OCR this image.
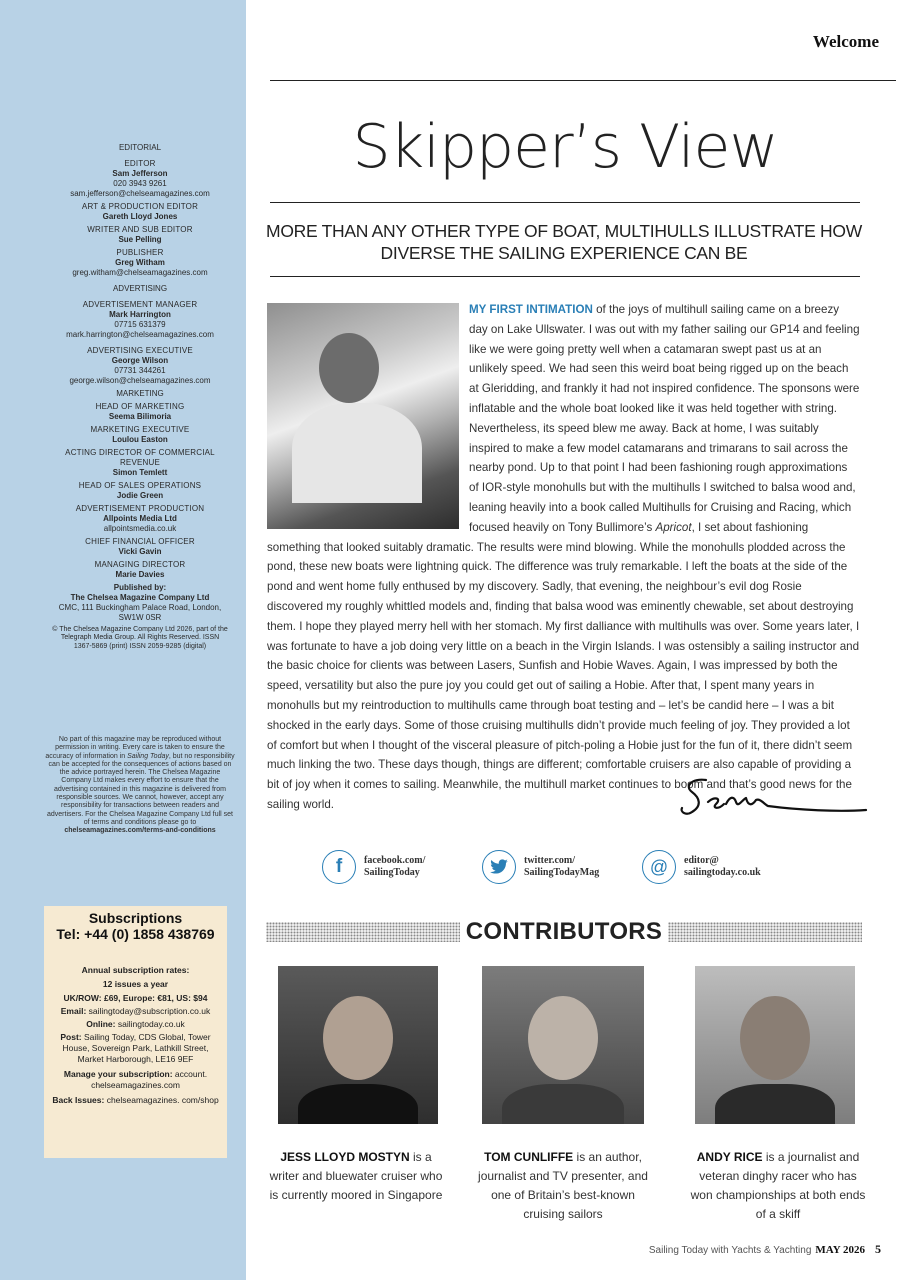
EDITORIAL
EDITOR
Sam Jefferson
020 3943 9261
sam.jefferson@chelseamagazines.com
ART & PRODUCTION EDITOR
Gareth Lloyd Jones
WRITER AND SUB EDITOR
Sue Pelling
PUBLISHER
Greg Witham
greg.witham@chelseamagazines.com
ADVERTISING
ADVERTISEMENT MANAGER
Mark Harrington
07715 631379
mark.harrington@chelseamagazines.com
ADVERTISING EXECUTIVE
George Wilson
07731 344261
george.wilson@chelseamagazines.com
MARKETING
HEAD OF MARKETING
Seema Bilimoria
MARKETING EXECUTIVE
Loulou Easton
ACTING DIRECTOR OF COMMERCIAL REVENUE
Simon Temlett
HEAD OF SALES OPERATIONS
Jodie Green
ADVERTISEMENT PRODUCTION
Allpoints Media Ltd
allpointsmedia.co.uk
CHIEF FINANCIAL OFFICER
Vicki Gavin
MANAGING DIRECTOR
Marie Davies
Published by:
The Chelsea Magazine Company Ltd
CMC, 111 Buckingham Palace Road, London, SW1W 0SR
© The Chelsea Magazine Company Ltd 2026, part of the Telegraph Media Group. All Rights Reserved. ISSN 1367-5869 (print) ISSN 2059-9285 (digital)
No part of this magazine may be reproduced without permission in writing. Every care is taken to ensure the accuracy of information in Sailing Today, but no responsibility can be accepted for the consequences of actions based on the advice portrayed herein. The Chelsea Magazine Company Ltd makes every effort to ensure that the advertising contained in this magazine is delivered from responsible sources. We cannot, however, accept any responsibility for transactions between readers and advertisers. For the Chelsea Magazine Company Ltd full set of terms and conditions please go to
chelseamagazines.com/terms-and-conditions
Subscriptions
Tel: +44 (0) 1858 438769
Annual subscription rates:
12 issues a year
UK/ROW: £69, Europe: €81, US: $94
Email: sailingtoday@subscription.co.uk
Online: sailingtoday.co.uk
Post: Sailing Today, CDS Global, Tower House, Sovereign Park, Lathkill Street, Market Harborough, LE16 9EF
Manage your subscription: account. chelseamagazines.com
Back Issues: chelseamagazines. com/shop
Welcome
Skipper’s View
MORE THAN ANY OTHER TYPE OF BOAT, MULTIHULLS ILLUSTRATE HOW DIVERSE THE SAILING EXPERIENCE CAN BE
MY FIRST INTIMATION of the joys of multihull sailing came on a breezy day on Lake Ullswater. I was out with my father sailing our GP14 and feeling like we were going pretty well when a catamaran swept past us at an unlikely speed. We had seen this weird boat being rigged up on the beach at Gleridding, and frankly it had not inspired confidence. The sponsons were inflatable and the whole boat looked like it was held together with string. Nevertheless, its speed blew me away. Back at home, I was suitably inspired to make a few model catamarans and trimarans to sail across the nearby pond. Up to that point I had been fashioning rough approximations of IOR-style monohulls but with the multihulls I switched to balsa wood and, leaning heavily into a book called Multihulls for Cruising and Racing, which focused heavily on Tony Bullimore’s Apricot, I set about fashioning something that looked suitably dramatic. The results were mind blowing. While the monohulls plodded across the pond, these new boats were lightning quick. The difference was truly remarkable. I left the boats at the side of the pond and went home fully enthused by my discovery. Sadly, that evening, the neighbour’s evil dog Rosie discovered my roughly whittled models and, finding that balsa wood was eminently chewable, set about destroying them. I hope they played merry hell with her stomach. My first dalliance with multihulls was over. Some years later, I was fortunate to have a job doing very little on a beach in the Virgin Islands. I was ostensibly a sailing instructor and the basic choice for clients was between Lasers, Sunfish and Hobie Waves. Again, I was impressed by both the speed, versatility but also the pure joy you could get out of sailing a Hobie. After that, I spent many years in monohulls but my reintroduction to multihulls came through boat testing and – let’s be candid here – I was a bit shocked in the early days. Some of those cruising multihulls didn’t provide much feeling of joy. They provided a lot of comfort but when I thought of the visceral pleasure of pitch-poling a Hobie just for the fun of it, there didn’t seem much linking the two. These days though, things are different; comfortable cruisers are also capable of providing a bit of joy when it comes to sailing. Meanwhile, the multihull market continues to boom and that’s good news for the sailing world.
f	facebook.com/
SailingToday
twitter.com/
SailingTodayMag	@	editor@
sailingtoday.co.uk
CONTRIBUTORS
JESS LLOYD MOSTYN is a writer and bluewater cruiser who is currently moored in Singapore
TOM CUNLIFFE is an author, journalist and TV presenter, and one of Britain’s best-known cruising sailors
ANDY RICE is a journalist and veteran dinghy racer who has won championships at both ends of a skiff
Sailing Today with Yachts & Yachting MAY 2026 5
